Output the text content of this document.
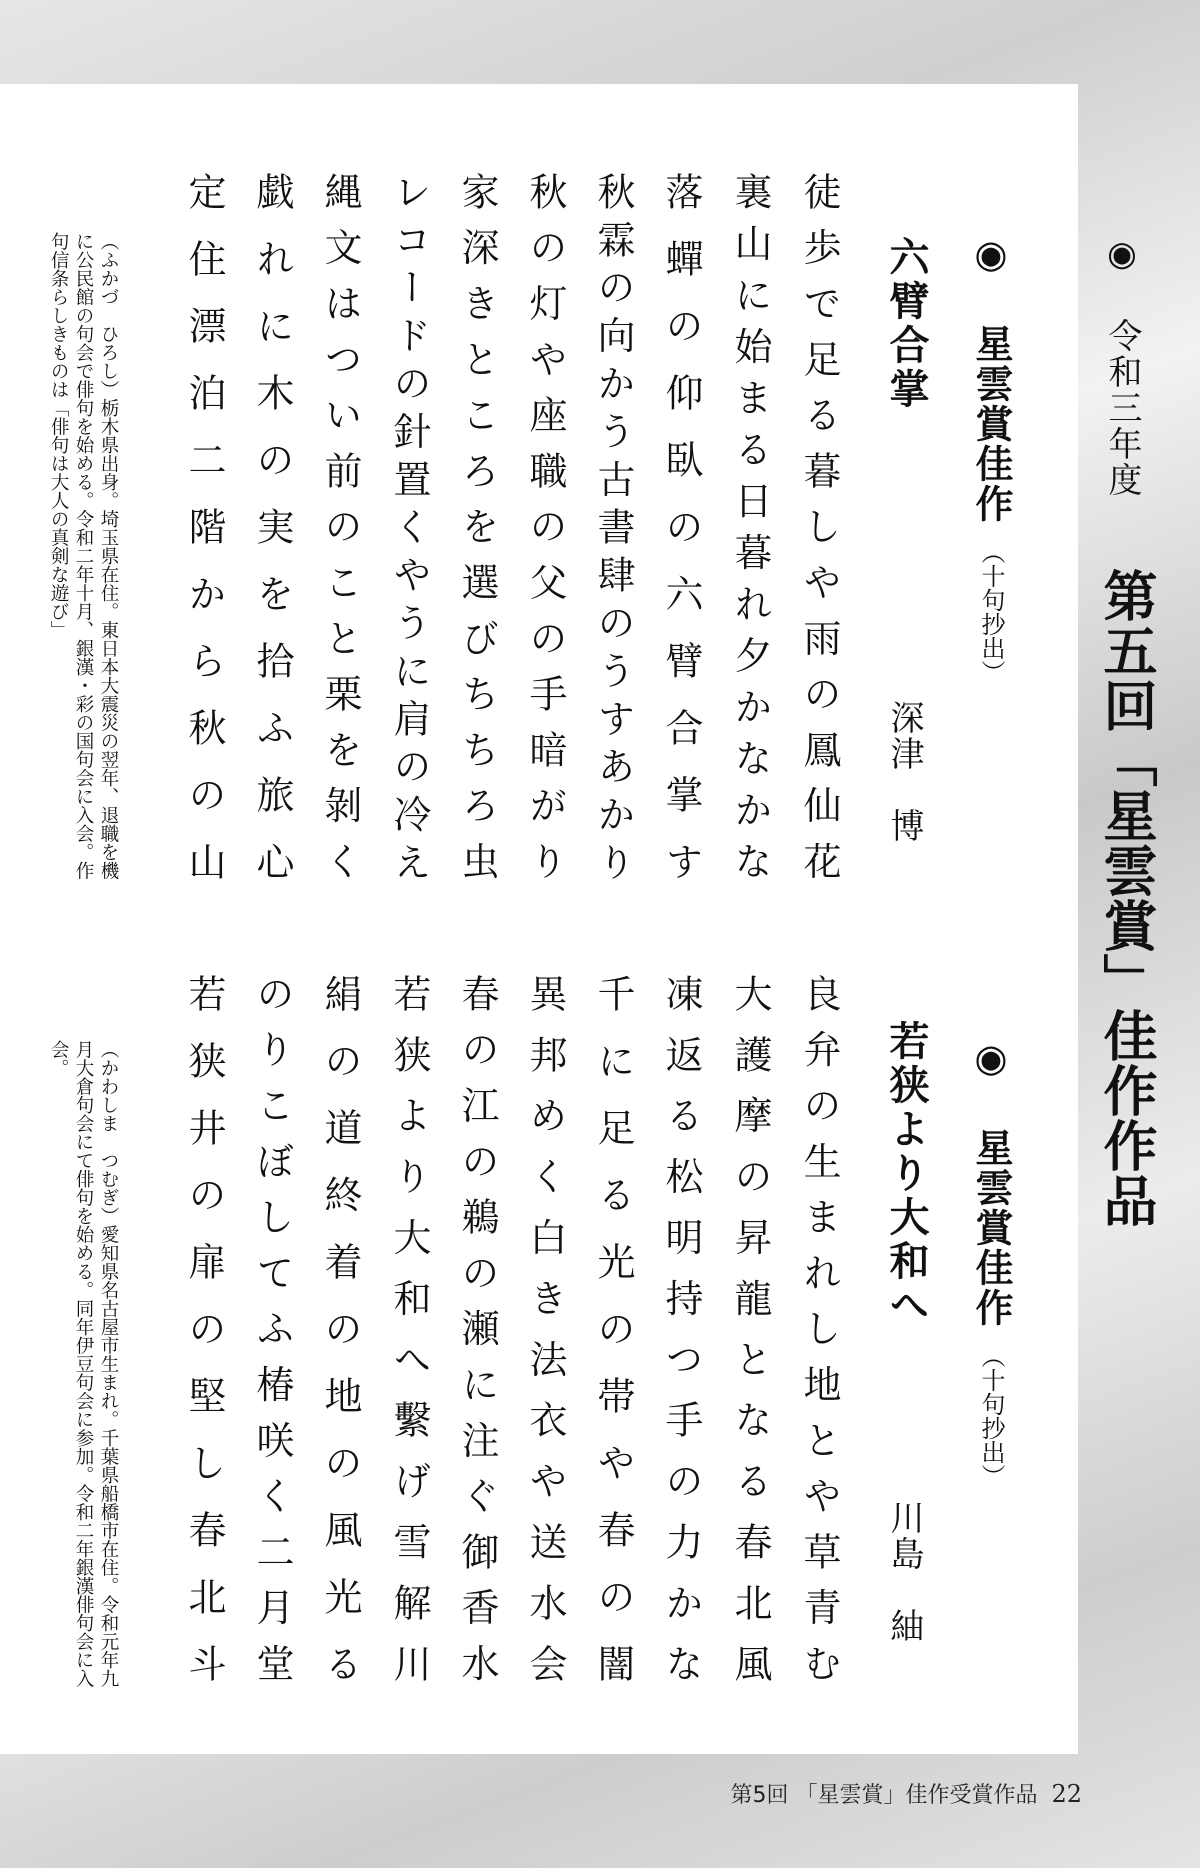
◉ 令和三年度
第五回「星雲賞」佳作作品
◉ 星雲賞佳作（十句抄出）
六臂合掌
深津　博
徒歩で足る暮しや雨の鳳仙花
裏山に始まる日暮れ夕かなかな
落蟬の仰臥の六臂合掌す
秋霖の向かう古書肆のうすあかり
秋の灯や座職の父の手暗がり
家深きところを選びちちろ虫
レコードの針置くやうに肩の冷え
縄文はつい前のこと栗を剝く
戯れに木の実を拾ふ旅心
定住漂泊二階から秋の山
（ふかづ　ひろし）栃木県出身。埼玉県在住。東日本大震災の翌年、退職を機に公民館の句会で俳句を始める。令和二年十月、銀漢・彩の国句会に入会。作句信条らしきものは「俳句は大人の真剣な遊び」
◉ 星雲賞佳作（十句抄出）
若狭より大和へ
川島　紬
良弁の生まれし地とや草青む
大護摩の昇龍となる春北風
凍返る松明持つ手の力かな
千に足る光の帯や春の闇
異邦めく白き法衣や送水会
春の江の鵜の瀬に注ぐ御香水
若狭より大和へ繫げ雪解川
絹の道終着の地の風光る
のりこぼしてふ椿咲く二月堂
若狭井の扉の堅し春北斗
（かわしま　つむぎ）愛知県名古屋市生まれ。千葉県船橋市在住。令和元年九月大倉句会にて俳句を始める。同年伊豆句会に参加。令和二年銀漢俳句会に入会。
第5回 「星雲賞」佳作受賞作品 22
